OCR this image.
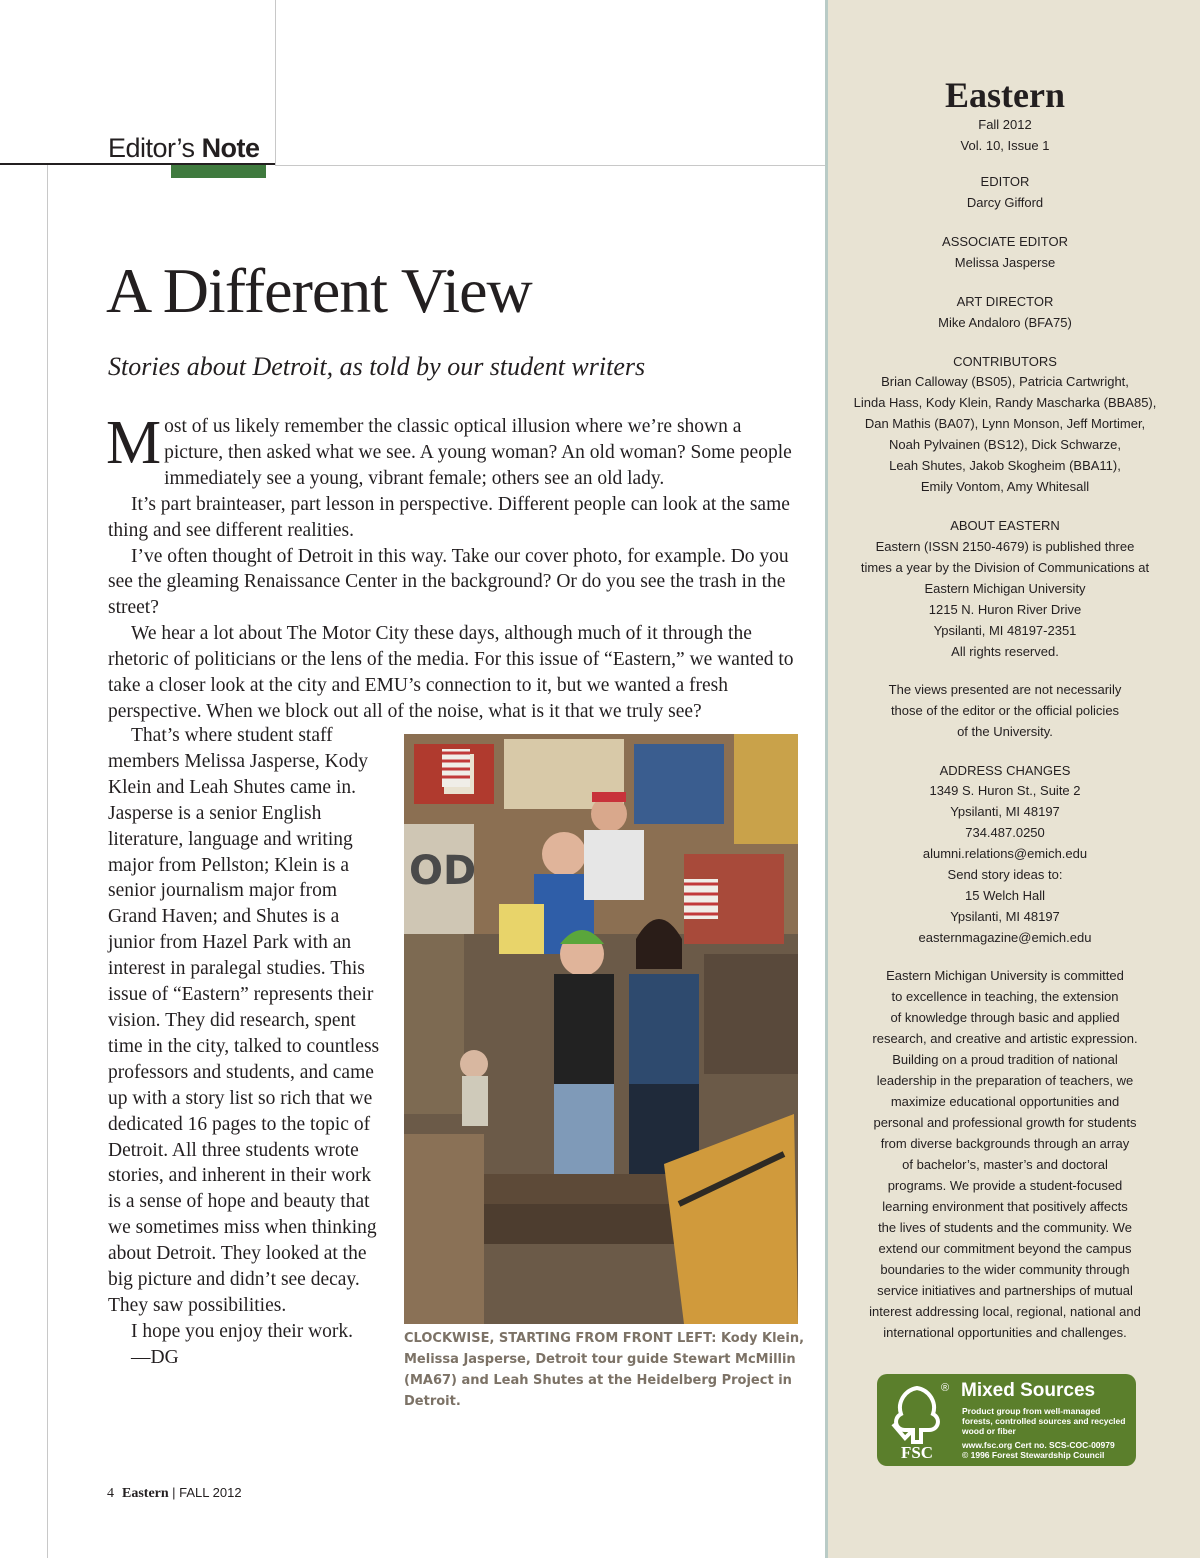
Editor’s Note
A Different View
Stories about Detroit, as told by our student writers

Most of us likely remember the classic optical illusion where we’re shown a picture, then asked what we see. A young woman? An old woman? Some people immediately see a young, vibrant female; others see an old lady.

It’s part brainteaser, part lesson in perspective. Different people can look at the same thing and see different realities.

I’ve often thought of Detroit in this way. Take our cover photo, for example. Do you see the gleaming Renaissance Center in the background? Or do you see the trash in the street?

We hear a lot about The Motor City these days, although much of it through the rhetoric of politicians or the lens of the media. For this issue of “Eastern,” we wanted to take a closer look at the city and EMU’s connection to it, but we wanted a fresh perspective. When we block out all of the noise, what is it that we truly see?

That’s where student staff members Melissa Jasperse, Kody Klein and Leah Shutes came in. Jasperse is a senior English literature, language and writing major from Pellston; Klein is a senior journalism major from Grand Haven; and Shutes is a junior from Hazel Park with an interest in paralegal studies. This issue of “Eastern” represents their vision. They did research, spent time in the city, talked to countless professors and students, and came up with a story list so rich that we dedicated 16 pages to the topic of Detroit. All three students wrote stories, and inherent in their work is a sense of hope and beauty that we sometimes miss when thinking about Detroit. They looked at the big picture and didn’t see decay. They saw possibilities.

I hope you enjoy their work.

—DG

OD
CLOCKWISE, STARTING FROM FRONT LEFT: Kody Klein, Melissa Jasperse, Detroit tour guide Stewart McMillin (MA67) and Leah Shutes at the Heidelberg Project in Detroit.
4 Eastern | FALL 2012
Eastern
Fall 2012
Vol. 10, Issue 1
EDITOR
Darcy Gifford
ASSOCIATE EDITOR
Melissa Jasperse
ART DIRECTOR
Mike Andaloro (BFA75)
CONTRIBUTORS
Brian Calloway (BS05), Patricia Cartwright,
Linda Hass, Kody Klein, Randy Mascharka (BBA85),
Dan Mathis (BA07), Lynn Monson, Jeff Mortimer,
Noah Pylvainen (BS12), Dick Schwarze,
Leah Shutes, Jakob Skogheim (BBA11),
Emily Vontom, Amy Whitesall
ABOUT EASTERN
Eastern (ISSN 2150-4679) is published three
times a year by the Division of Communications at
Eastern Michigan University
1215 N. Huron River Drive
Ypsilanti, MI 48197-2351
All rights reserved.
The views presented are not necessarily
those of the editor or the official policies
of the University.
ADDRESS CHANGES
1349 S. Huron St., Suite 2
Ypsilanti, MI 48197
734.487.0250
alumni.relations@emich.edu
Send story ideas to:
15 Welch Hall
Ypsilanti, MI 48197
easternmagazine@emich.edu
Eastern Michigan University is committed
to excellence in teaching, the extension
of knowledge through basic and applied
research, and creative and artistic expression.
Building on a proud tradition of national
leadership in the preparation of teachers, we
maximize educational opportunities and
personal and professional growth for students
from diverse backgrounds through an array
of bachelor’s, master’s and doctoral
programs. We provide a student-focused
learning environment that positively affects
the lives of students and the community. We
extend our commitment beyond the campus
boundaries to the wider community through
service initiatives and partnerships of mutual
interest addressing local, regional, national and
international opportunities and challenges.
FSC
® Mixed Sources
Product group from well-managed forests, controlled sources and recycled wood or fiber
www.fsc.org Cert no. SCS-COC-00979
© 1996 Forest Stewardship Council
